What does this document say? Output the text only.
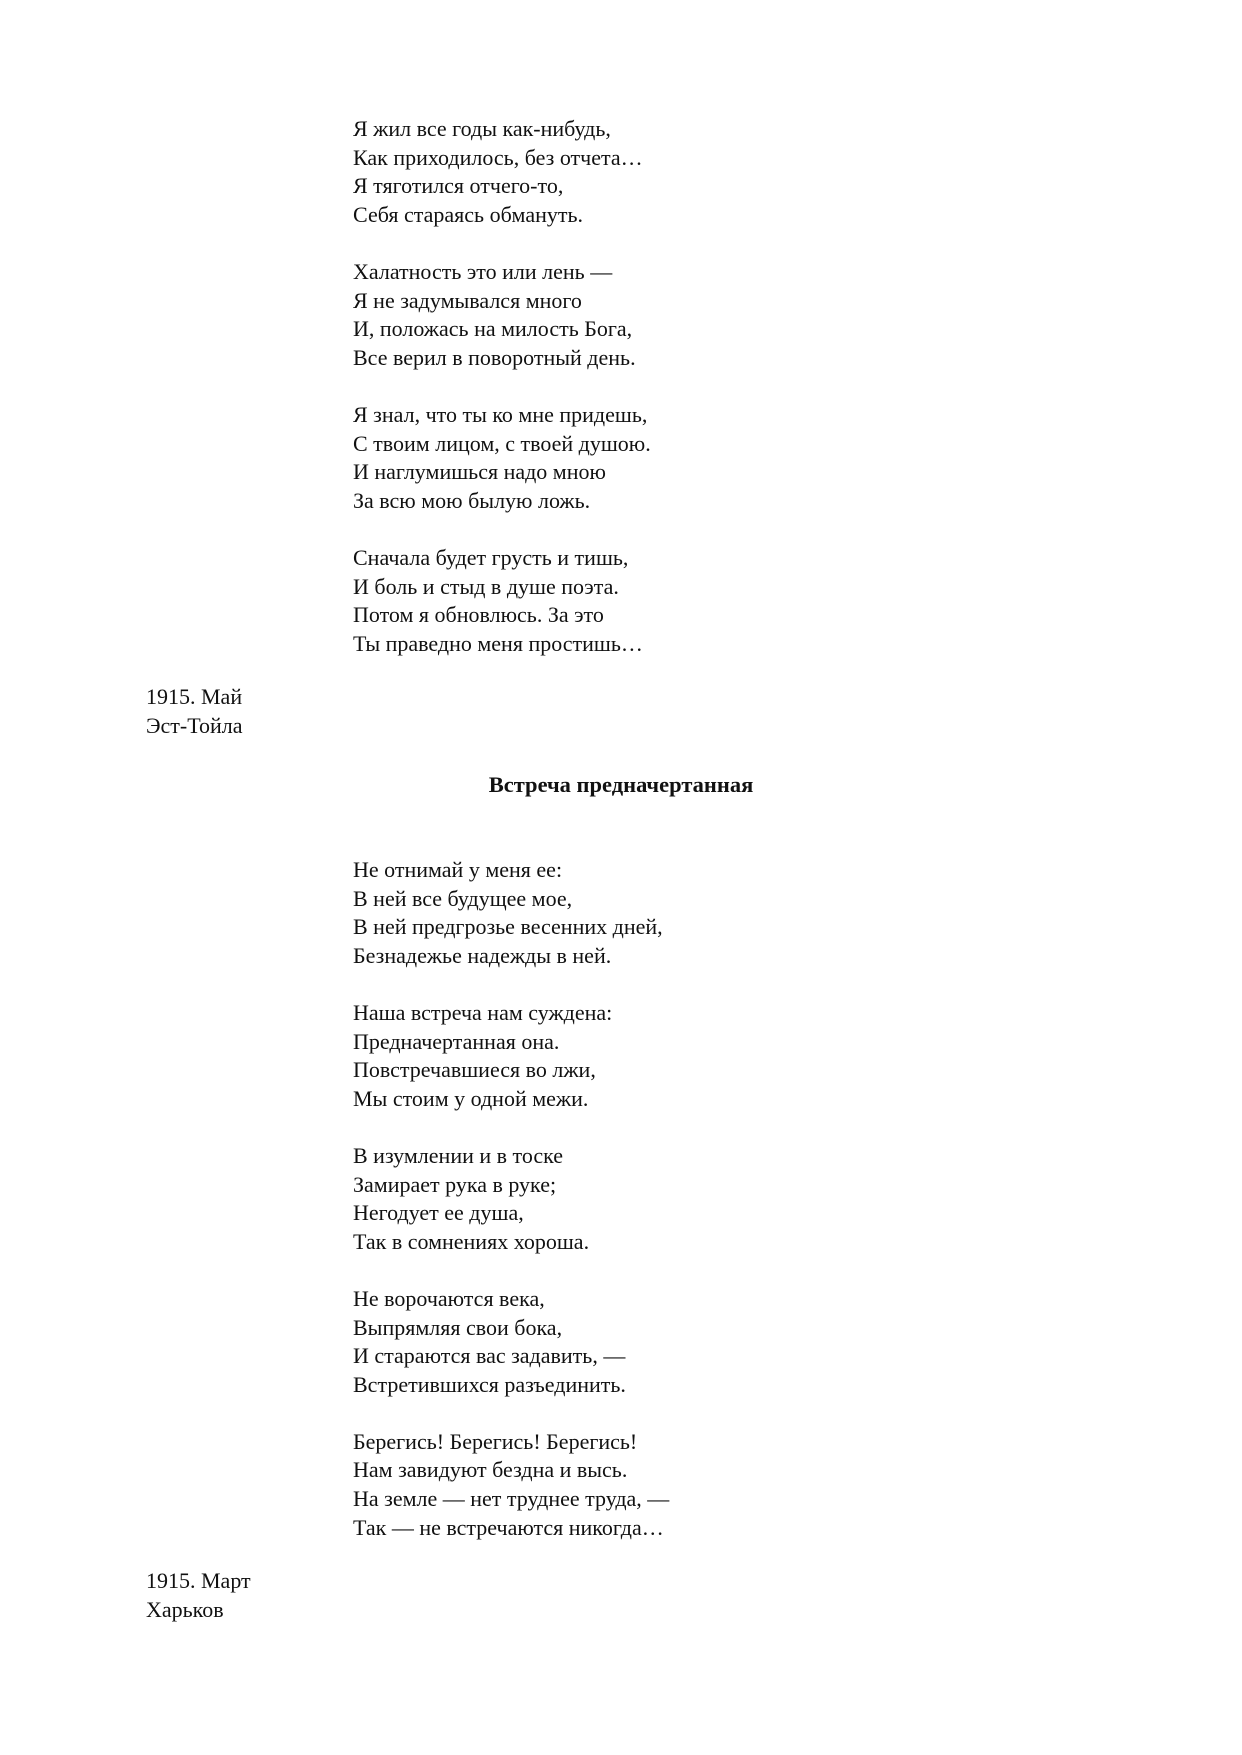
Я жил все годы как-нибудь,
Как приходилось, без отчета…
Я тяготился отчего-то,
Себя стараясь обмануть.
Халатность это или лень —
Я не задумывался много
И, положась на милость Бога,
Все верил в поворотный день.
Я знал, что ты ко мне придешь,
С твоим лицом, с твоей душою.
И наглумишься надо мною
За всю мою былую ложь.
Сначала будет грусть и тишь,
И боль и стыд в душе поэта.
Потом я обновлюсь. За это
Ты праведно меня простишь…
1915. Май
Эст-Тойла
Встреча предначертанная
Не отнимай у меня ее:
В ней все будущее мое,
В ней предгрозье весенних дней,
Безнадежье надежды в ней.
Наша встреча нам суждена:
Предначертанная она.
Повстречавшиеся во лжи,
Мы стоим у одной межи.
В изумлении и в тоске
Замирает рука в руке;
Негодует ее душа,
Так в сомнениях хороша.
Не ворочаются века,
Выпрямляя свои бока,
И стараются вас задавить, —
Встретившихся разъединить.
Берегись! Берегись! Берегись!
Нам завидуют бездна и высь.
На земле — нет труднее труда, —
Так — не встречаются никогда…
1915. Март
Харьков
